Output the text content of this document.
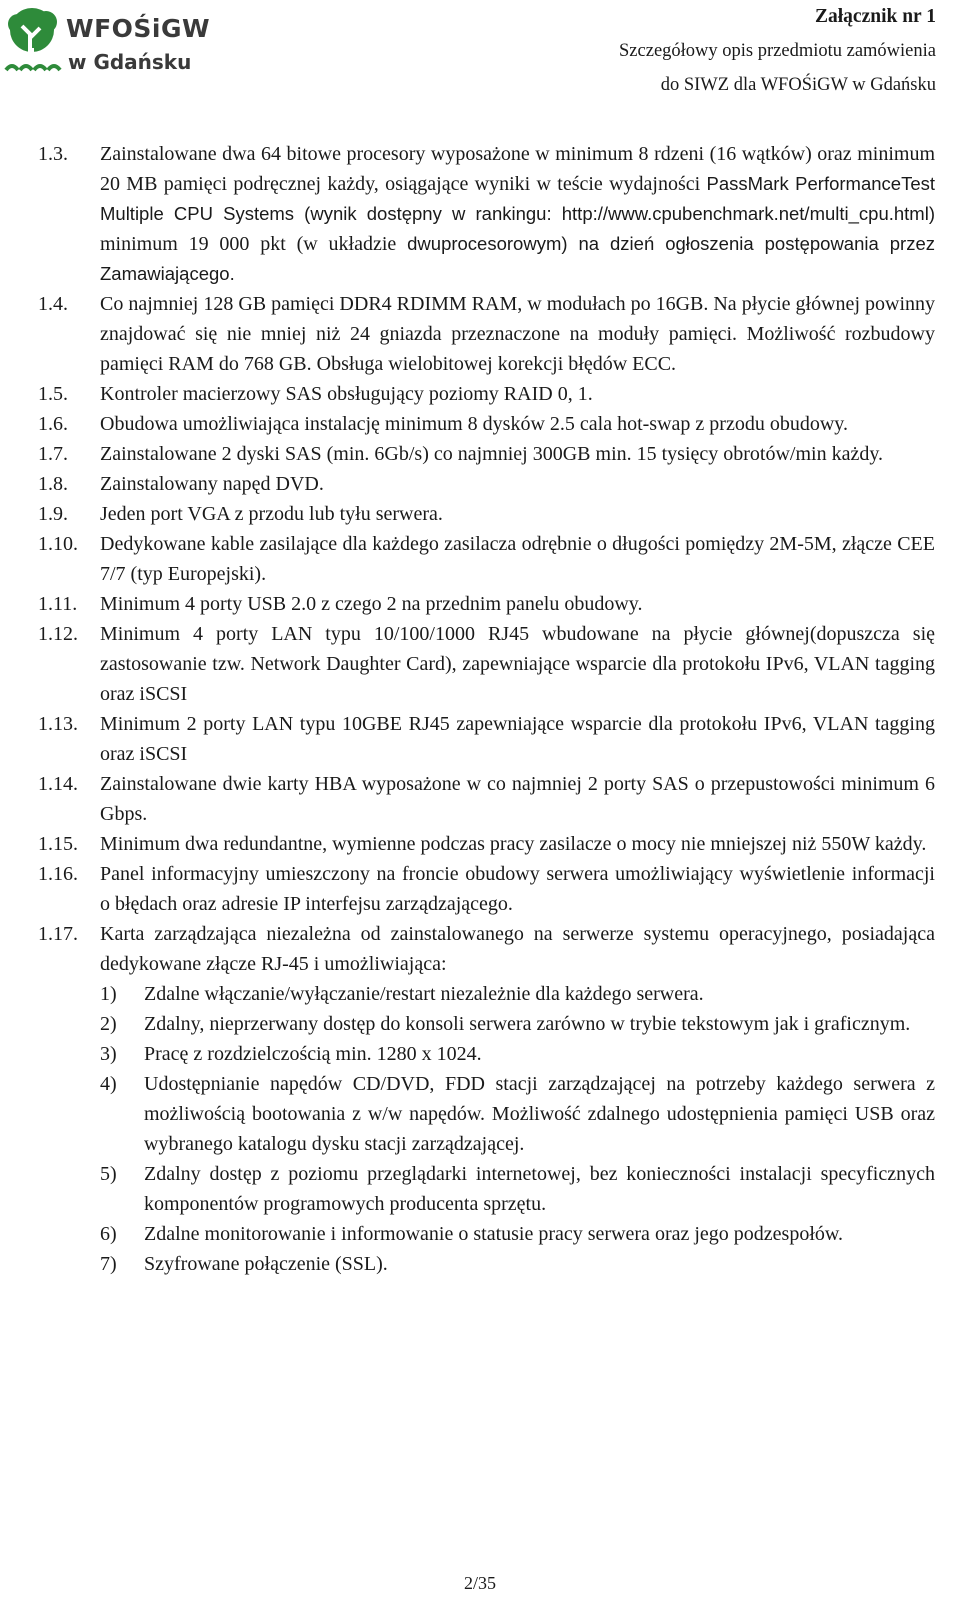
WFOŚiGW
w Gdańsku
Załącznik nr 1
Szczegółowy opis przedmiotu zamówienia
do SIWZ dla WFOŚiGW w Gdańsku
1.3. Zainstalowane dwa 64 bitowe procesory wyposażone w minimum 8 rdzeni (16 wątków) oraz minimum 20 MB pamięci podręcznej każdy, osiągające wyniki w teście wydajności PassMark PerformanceTest Multiple CPU Systems (wynik dostępny w rankingu: http://www.cpubenchmark.net/multi_cpu.html) minimum 19 000 pkt (w układzie dwuprocesorowym) na dzień ogłoszenia postępowania przez Zamawiającego.
1.4. Co najmniej 128 GB pamięci DDR4 RDIMM RAM, w modułach po 16GB. Na płycie głównej powinny znajdować się nie mniej niż 24 gniazda przeznaczone na moduły pamięci. Możliwość rozbudowy pamięci RAM do 768 GB. Obsługa wielobitowej korekcji błędów ECC.
1.5. Kontroler macierzowy SAS obsługujący poziomy RAID 0, 1.
1.6. Obudowa umożliwiająca instalację minimum 8 dysków 2.5 cala hot-swap z przodu obudowy.
1.7. Zainstalowane 2 dyski SAS (min. 6Gb/s) co najmniej 300GB min. 15 tysięcy obrotów/min każdy.
1.8. Zainstalowany napęd DVD.
1.9. Jeden port VGA z przodu lub tyłu serwera.
1.10. Dedykowane kable zasilające dla każdego zasilacza odrębnie o długości pomiędzy 2M-5M, złącze CEE 7/7 (typ Europejski).
1.11. Minimum 4 porty USB 2.0 z czego 2 na przednim panelu obudowy.
1.12. Minimum 4 porty LAN typu 10/100/1000 RJ45 wbudowane na płycie głównej(dopuszcza się zastosowanie tzw. Network Daughter Card), zapewniające wsparcie dla protokołu IPv6, VLAN tagging oraz iSCSI
1.13. Minimum 2 porty LAN typu 10GBE RJ45 zapewniające wsparcie dla protokołu IPv6, VLAN tagging oraz iSCSI
1.14. Zainstalowane dwie karty HBA wyposażone w co najmniej 2 porty SAS o przepustowości minimum 6 Gbps.
1.15. Minimum dwa redundantne, wymienne podczas pracy zasilacze o mocy nie mniejszej niż 550W każdy.
1.16. Panel informacyjny umieszczony na froncie obudowy serwera umożliwiający wyświetlenie informacji o błędach oraz adresie IP interfejsu zarządzającego.
1.17. Karta zarządzająca niezależna od zainstalowanego na serwerze systemu operacyjnego, posiadająca dedykowane złącze RJ-45 i umożliwiająca:
1) Zdalne włączanie/wyłączanie/restart niezależnie dla każdego serwera.
2) Zdalny, nieprzerwany dostęp do konsoli serwera zarówno w trybie tekstowym jak i graficznym.
3) Pracę z rozdzielczością min. 1280 x 1024.
4) Udostępnianie napędów CD/DVD, FDD stacji zarządzającej na potrzeby każdego serwera z możliwością bootowania z w/w napędów. Możliwość zdalnego udostępnienia pamięci USB oraz wybranego katalogu dysku stacji zarządzającej.
5) Zdalny dostęp z poziomu przeglądarki internetowej, bez konieczności instalacji specyficznych komponentów programowych producenta sprzętu.
6) Zdalne monitorowanie i informowanie o statusie pracy serwera oraz jego podzespołów.
7) Szyfrowane połączenie (SSL).
2/35
